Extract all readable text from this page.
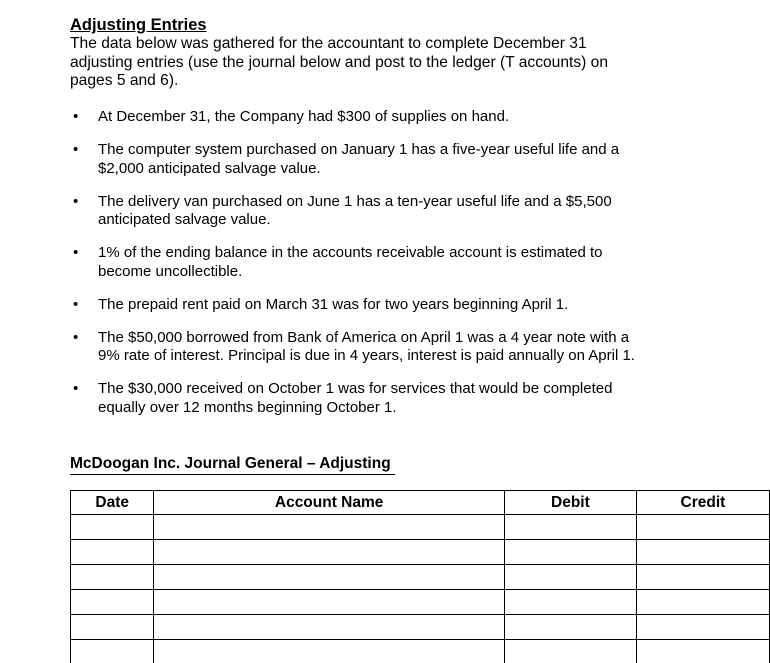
Adjusting Entries

The data below was gathered for the accountant to complete December 31 adjusting entries (use the journal below and post to the ledger (T accounts) on pages 5 and 6).

• At December 31, the Company had $300 of supplies on hand.
• The computer system purchased on January 1 has a five-year useful life and a $2,000 anticipated salvage value.
• The delivery van purchased on June 1 has a ten-year useful life and a $5,500 anticipated salvage value.
• 1% of the ending balance in the accounts receivable account is estimated to become uncollectible.
• The prepaid rent paid on March 31 was for two years beginning April 1.
• The $50,000 borrowed from Bank of America on April 1 was a 4 year note with a 9% rate of interest. Principal is due in 4 years, interest is paid annually on April 1.
• The $30,000 received on October 1 was for services that would be completed equally over 12 months beginning October 1.
McDoogan Inc. Journal General – Adjusting
Date	Account Name	Debit	Credit
